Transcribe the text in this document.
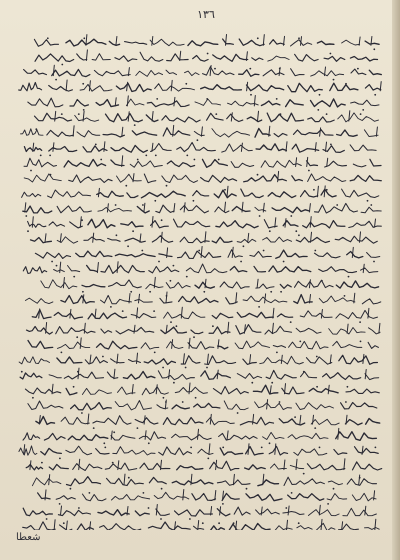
١٣٦
شعطا
